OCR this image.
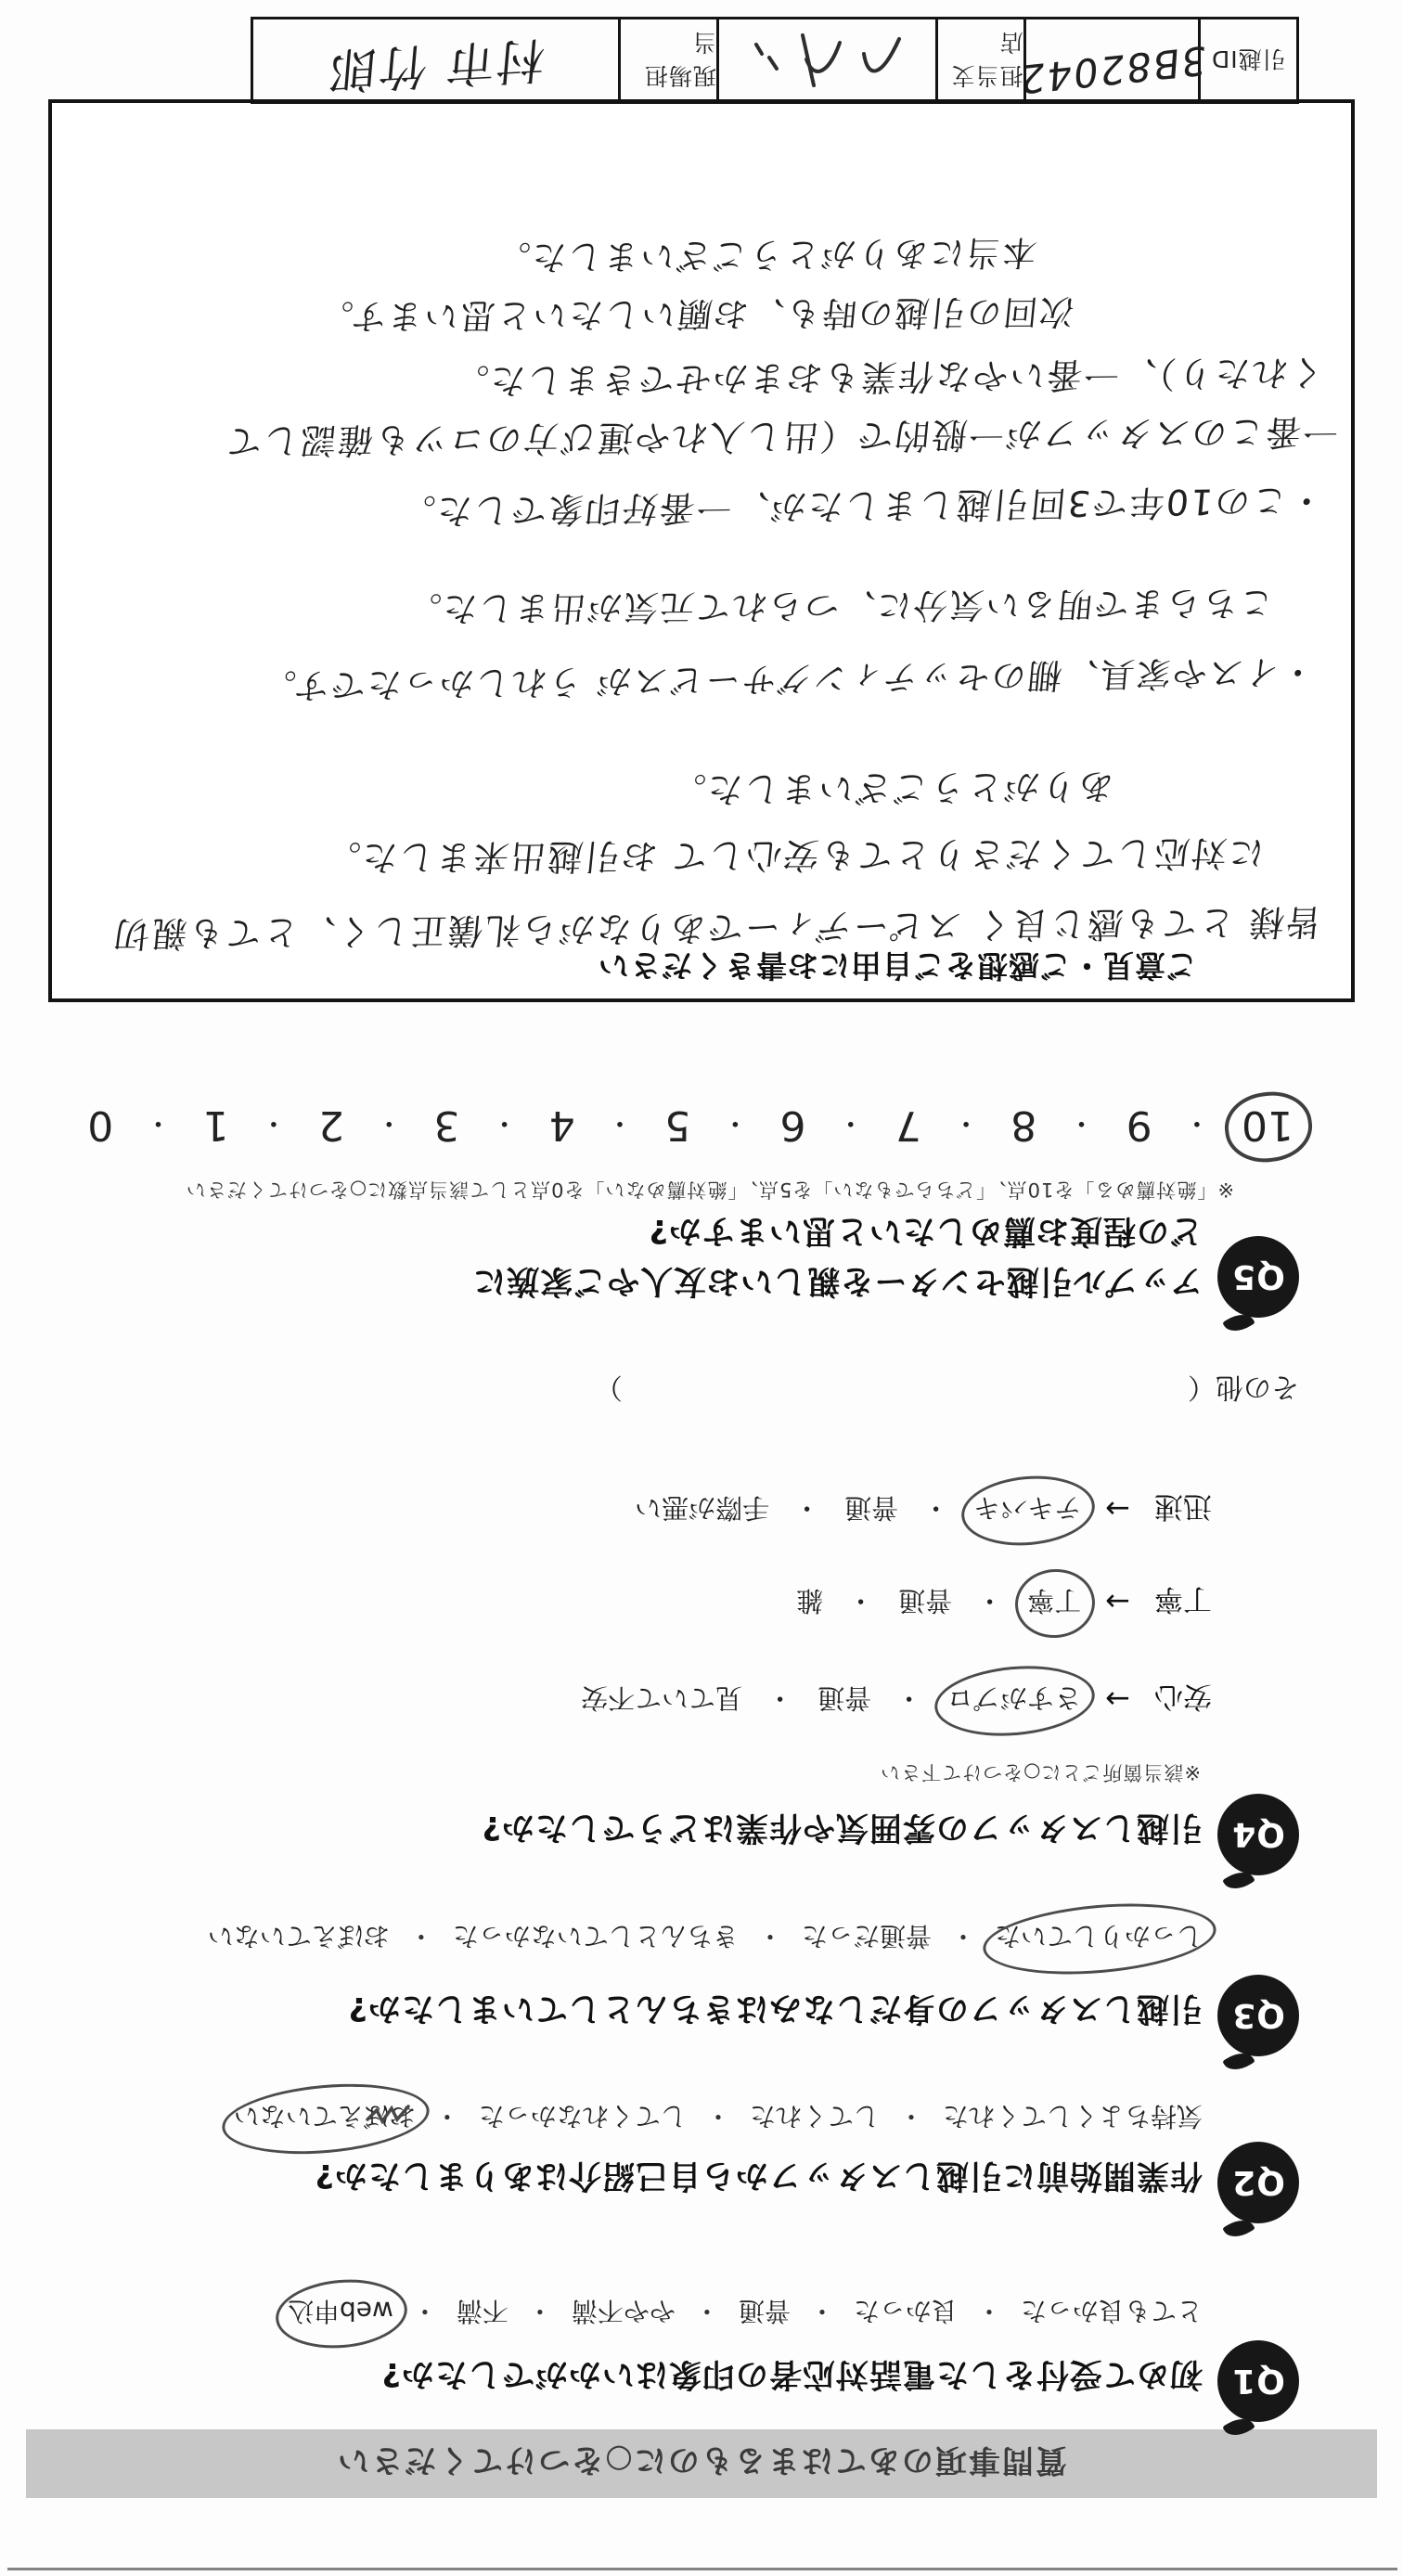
質問事項のあてはまるものに○をつけてください
Q1
初めて受付をした電話対応者の印象はいかがでしたか?
とても良かった
・
良かった
・
普通
・
やや不満
・
不満
・
web申込
Q2
作業開始前に引越しスタッフから自己紹介はありましたか?
気持ちよくしてくれた
・
してくれた
・
してくれなかった
・
おぼえていない
Q3
引越しスタッフの身だしなみはきちんとしていましたか?
しっかりしていた
・
普通だった
・
きちんとしていなかった
・
おぼえていない
Q4
引越しスタッフの雰囲気や作業はどうでしたか?
※該当箇所ごとに○をつけて下さい
安心
→
さすがプロ
・
普通
・
見ていて不安
丁寧
→
丁寧
・
普通
・
雑
迅速
→
テキパキ
・
普通
・
手際が悪い
その他（  ）
Q5
アップル引越センターを親しいお友人やご家族に
どの程度お薦めしたいと思いますか?
※「絶対薦める」を10点、「どちらでもない」を5点、「絶対薦めない」を0点として該当点数に○をつけてください
10
・
9
・
8
・
7
・
6
・
5
・
4
・
3
・
2
・
1
・
0
ご意見・ご感想をご自由にお書きください
皆様 とても感じ良く スピーディーでありながら礼儀正しく、とても親切
に対応してくださりとても安心して お引越出来ました。
ありがとうございました。
・イスや家具、棚のセッティングサービスが うれしかったです。
こちらまで明るい気分に、つられて元気が出ました。
・この10年で3回引越しましたが、一番好印象でした。
一番このスタッフが一般的で（出し入れや運び方のコツも確認して
くれたり）、一番いやな作業もおまかせできました。
次回の引越の時も、お願いしたいと思います。
本当にありがとうございました。
引越ID
3B82042
担当支店
現場担当
村市 竹郎
